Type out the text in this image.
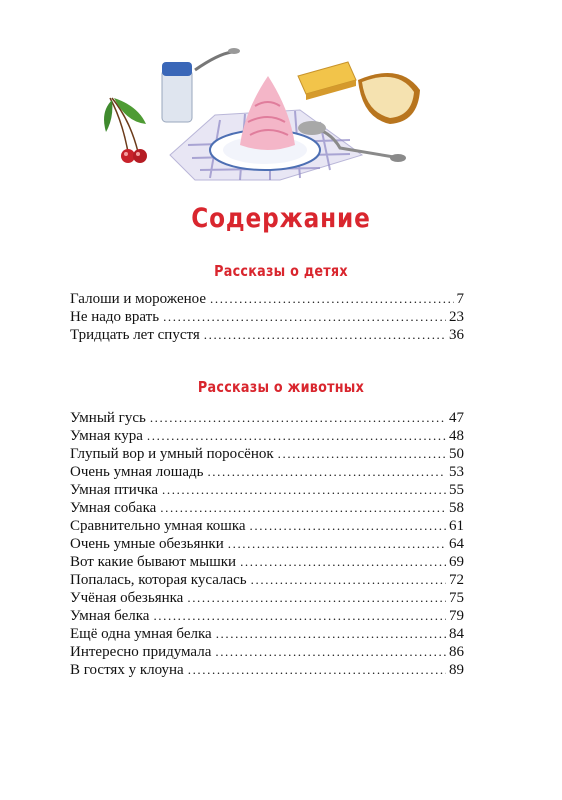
Содержание
Рассказы о детях
Галоши и мороженое .....	7
Не надо врать .....	23
Тридцать лет спустя .....	36
Рассказы о животных
Умный гусь .....	47
Умная кура .....	48
Глупый вор и умный поросёнок .....	50
Очень умная лошадь .....	53
Умная птичка .....	55
Умная собака .....	58
Сравнительно умная кошка .....	61
Очень умные обезьянки .....	64
Вот какие бывают мышки .....	69
Попалась, которая кусалась .....	72
Учёная обезьянка .....	75
Умная белка .....	79
Ещё одна умная белка .....	84
Интересно придумала .....	86
В гостях у клоуна .....	89
